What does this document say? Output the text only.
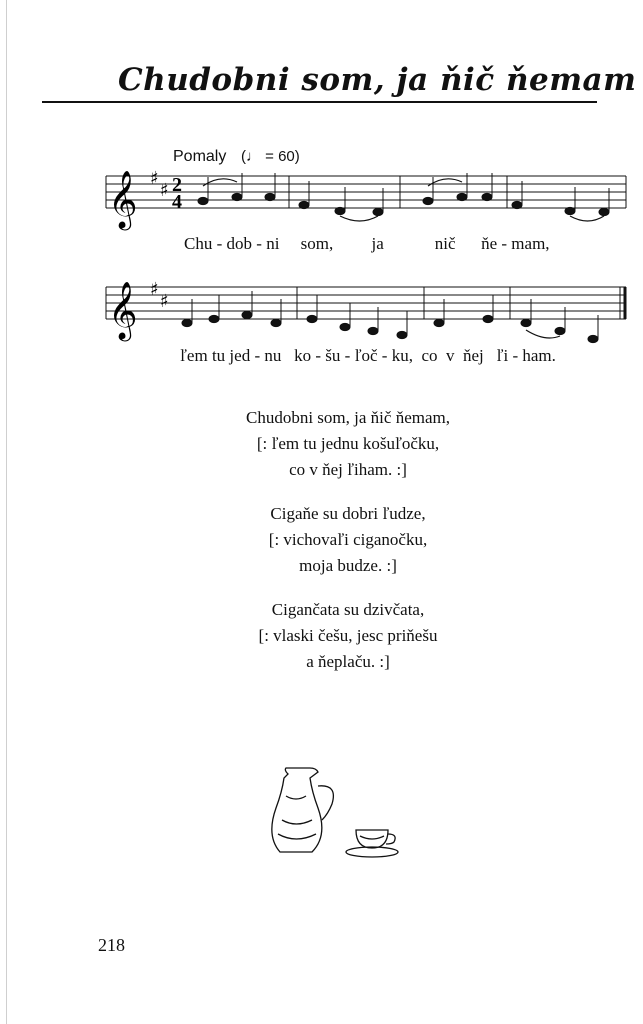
Chudobni som, ja ňič ňemam
Pomaly (♩ = 60)
𝄞 ♯
♯ 2
4
𝄞 ♯
♯
Chu - dob - ni som, ja	nič ňe - mam,
ľem tu jed - nu ko - šu - ľoč - ku, co v ňej ľi - ham.
Chudobni som, ja ňič ňemam,
[: ľem tu jednu košuľočku,
co v ňej ľiham. :]
Cigaňe su dobri ľudze,
[: vichovaľi ciganočku,
moja budze. :]
Cigančata su dzivčata,
[: vlaski češu, jesc priňešu
a ňeplaču. :]
218
